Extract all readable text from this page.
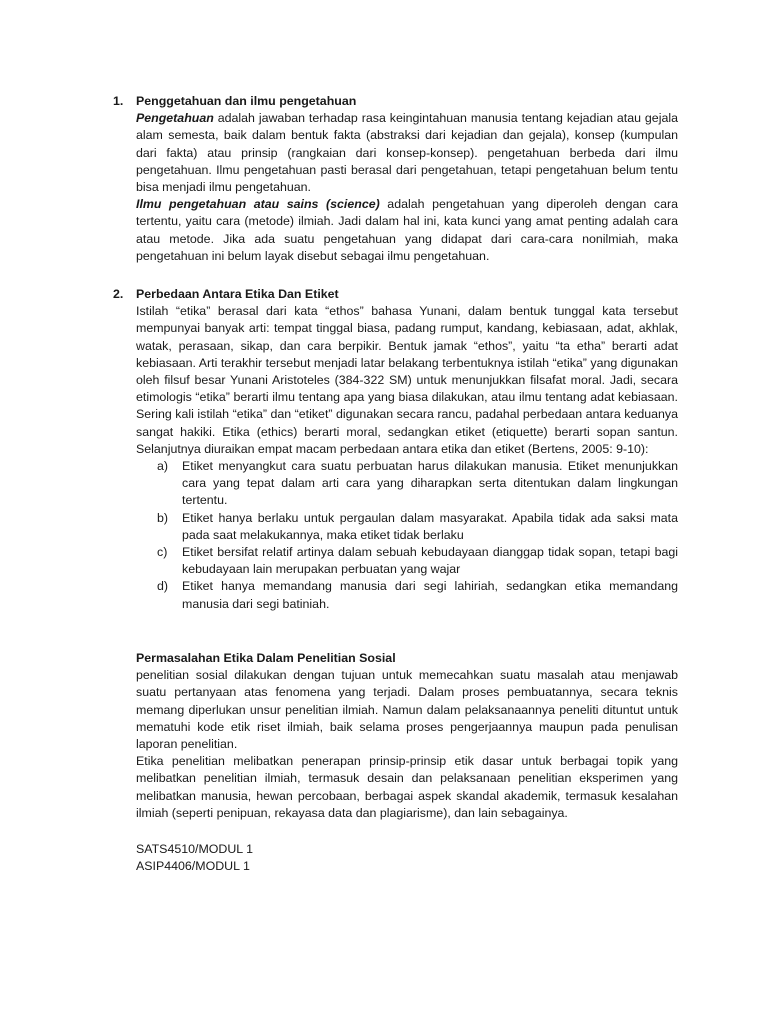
1. Penggetahuan dan ilmu pengetahuan

Pengetahuan adalah jawaban terhadap rasa keingintahuan manusia tentang kejadian atau gejala alam semesta, baik dalam bentuk fakta (abstraksi dari kejadian dan gejala), konsep (kumpulan dari fakta) atau prinsip (rangkaian dari konsep-konsep). pengetahuan berbeda dari ilmu pengetahuan. Ilmu pengetahuan pasti berasal dari pengetahuan, tetapi pengetahuan belum tentu bisa menjadi ilmu pengetahuan.

Ilmu pengetahuan atau sains (science) adalah pengetahuan yang diperoleh dengan cara tertentu, yaitu cara (metode) ilmiah. Jadi dalam hal ini, kata kunci yang amat penting adalah cara atau metode. Jika ada suatu pengetahuan yang didapat dari cara-cara nonilmiah, maka pengetahuan ini belum layak disebut sebagai ilmu pengetahuan.

2. Perbedaan Antara Etika Dan Etiket

Istilah “etika” berasal dari kata “ethos” bahasa Yunani, dalam bentuk tunggal kata tersebut mempunyai banyak arti: tempat tinggal biasa, padang rumput, kandang, kebiasaan, adat, akhlak, watak, perasaan, sikap, dan cara berpikir. Bentuk jamak “ethos”, yaitu “ta etha” berarti adat kebiasaan. Arti terakhir tersebut menjadi latar belakang terbentuknya istilah “etika” yang digunakan oleh filsuf besar Yunani Aristoteles (384-322 SM) untuk menunjukkan filsafat moral. Jadi, secara etimologis “etika” berarti ilmu tentang apa yang biasa dilakukan, atau ilmu tentang adat kebiasaan. Sering kali istilah “etika” dan “etiket” digunakan secara rancu, padahal perbedaan antara keduanya sangat hakiki. Etika (ethics) berarti moral, sedangkan etiket (etiquette) berarti sopan santun. Selanjutnya diuraikan empat macam perbedaan antara etika dan etiket (Bertens, 2005: 9-10):

a) Etiket menyangkut cara suatu perbuatan harus dilakukan manusia. Etiket menunjukkan cara yang tepat dalam arti cara yang diharapkan serta ditentukan dalam lingkungan tertentu.
b) Etiket hanya berlaku untuk pergaulan dalam masyarakat. Apabila tidak ada saksi mata pada saat melakukannya, maka etiket tidak berlaku
c) Etiket bersifat relatif artinya dalam sebuah kebudayaan dianggap tidak sopan, tetapi bagi kebudayaan lain merupakan perbuatan yang wajar
d) Etiket hanya memandang manusia dari segi lahiriah, sedangkan etika memandang manusia dari segi batiniah.
Permasalahan Etika Dalam Penelitian Sosial

penelitian sosial dilakukan dengan tujuan untuk memecahkan suatu masalah atau menjawab suatu pertanyaan atas fenomena yang terjadi. Dalam proses pembuatannya, secara teknis memang diperlukan unsur penelitian ilmiah. Namun dalam pelaksanaannya peneliti dituntut untuk mematuhi kode etik riset ilmiah, baik selama proses pengerjaannya maupun pada penulisan laporan penelitian.

Etika penelitian melibatkan penerapan prinsip-prinsip etik dasar untuk berbagai topik yang melibatkan penelitian ilmiah, termasuk desain dan pelaksanaan penelitian eksperimen yang melibatkan manusia, hewan percobaan, berbagai aspek skandal akademik, termasuk kesalahan ilmiah (seperti penipuan, rekayasa data dan plagiarisme), dan lain sebagainya.

SATS4510/MODUL 1
ASIP4406/MODUL 1
